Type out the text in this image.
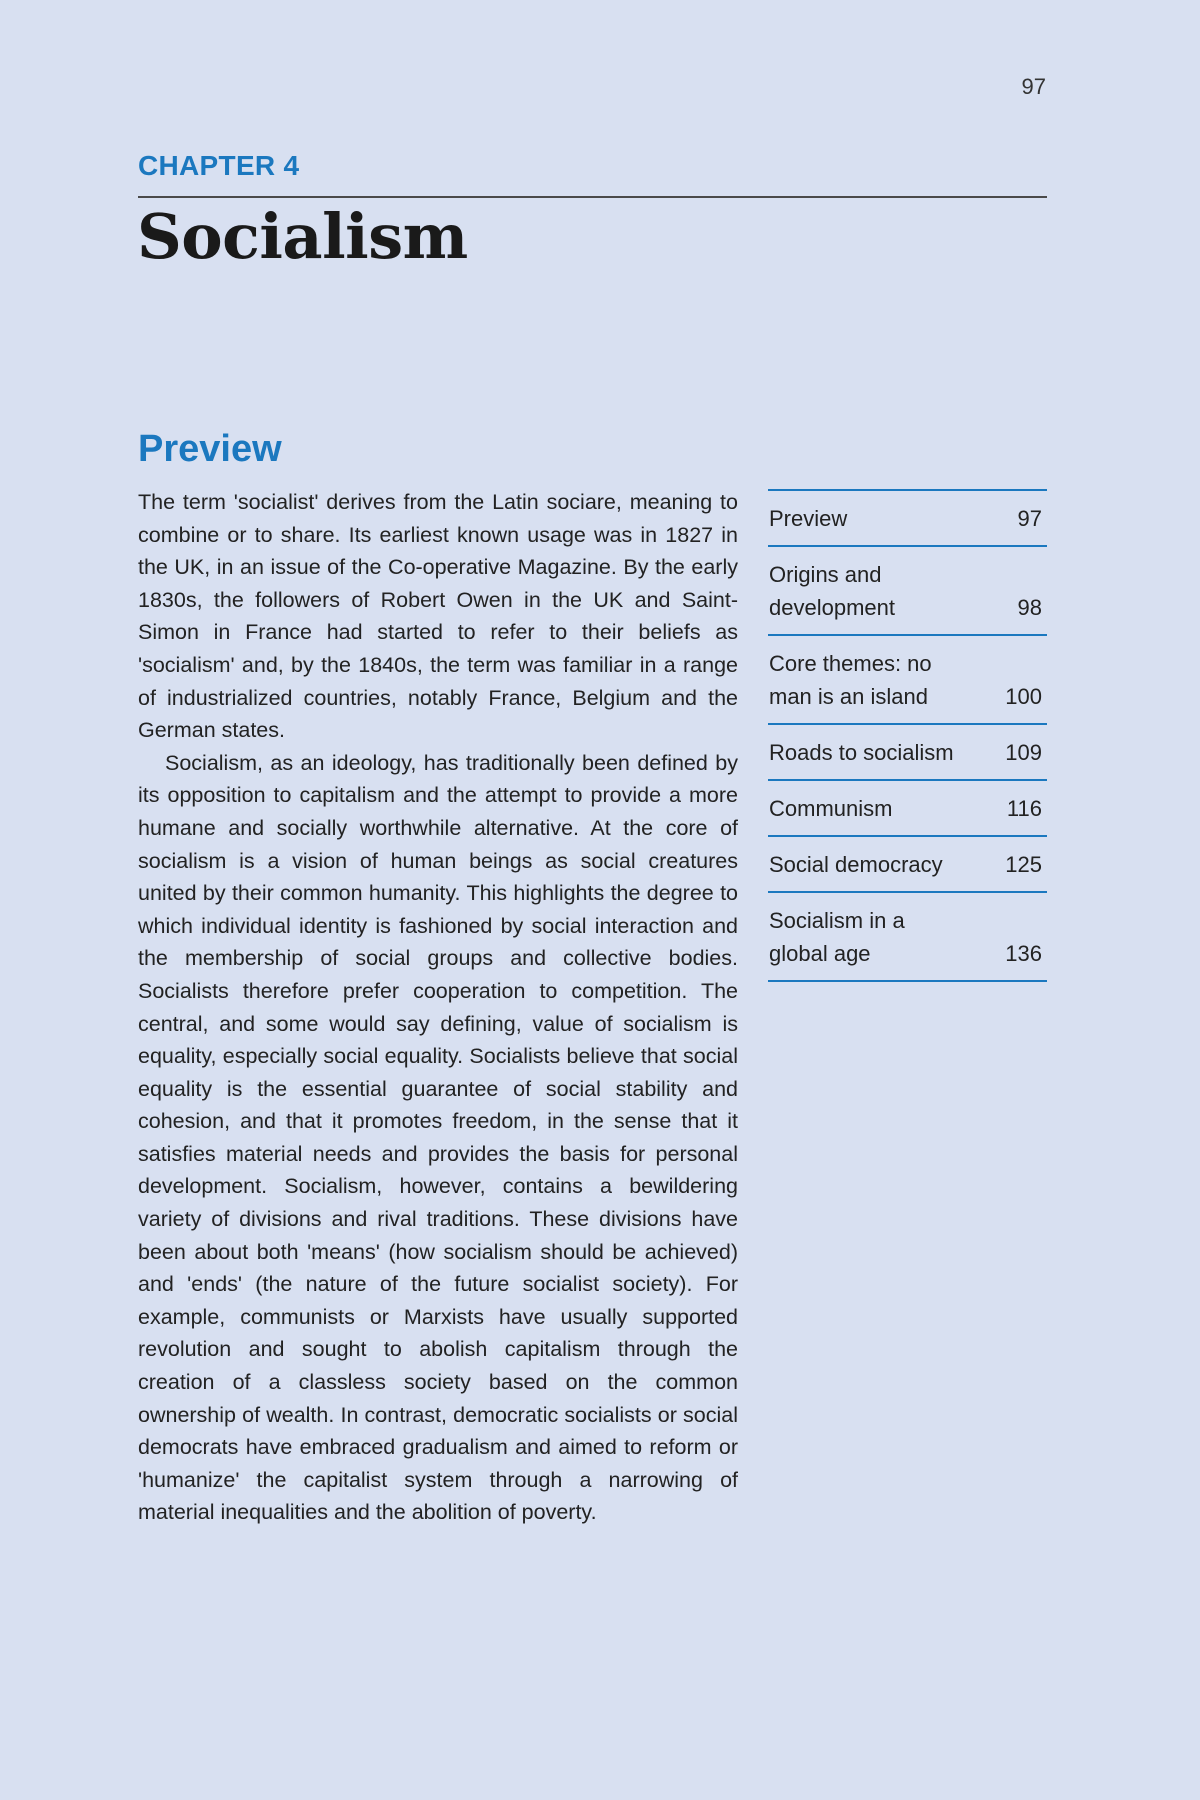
97
CHAPTER 4
Socialism
Preview

The term 'socialist' derives from the Latin sociare, meaning to combine or to share. Its earliest known usage was in 1827 in the UK, in an issue of the Co-operative Magazine. By the early 1830s, the followers of Robert Owen in the UK and Saint-Simon in France had started to refer to their beliefs as 'socialism' and, by the 1840s, the term was familiar in a range of industrialized countries, notably France, Belgium and the German states.

Socialism, as an ideology, has traditionally been defined by its opposition to capitalism and the attempt to provide a more humane and socially worthwhile alternative. At the core of socialism is a vision of human beings as social creatures united by their common humanity. This highlights the degree to which individual identity is fashioned by social interaction and the membership of social groups and collective bodies. Socialists therefore prefer cooperation to competition. The central, and some would say defining, value of socialism is equality, especially social equality. Socialists believe that social equality is the essential guarantee of social stability and cohesion, and that it promotes freedom, in the sense that it satisfies material needs and provides the basis for personal development. Socialism, however, contains a bewildering variety of divisions and rival traditions. These divisions have been about both 'means' (how socialism should be achieved) and 'ends' (the nature of the future socialist society). For example, communists or Marxists have usually supported revolution and sought to abolish capitalism through the creation of a classless society based on the common ownership of wealth. In contrast, democratic socialists or social democrats have embraced gradualism and aimed to reform or 'humanize' the capitalist system through a narrowing of material inequalities and the abolition of poverty.

Preview	97
Origins and development	98
Core themes: no man is an island	100
Roads to socialism 109
Communism	116
Social democracy	125
Socialism in a global age	136
